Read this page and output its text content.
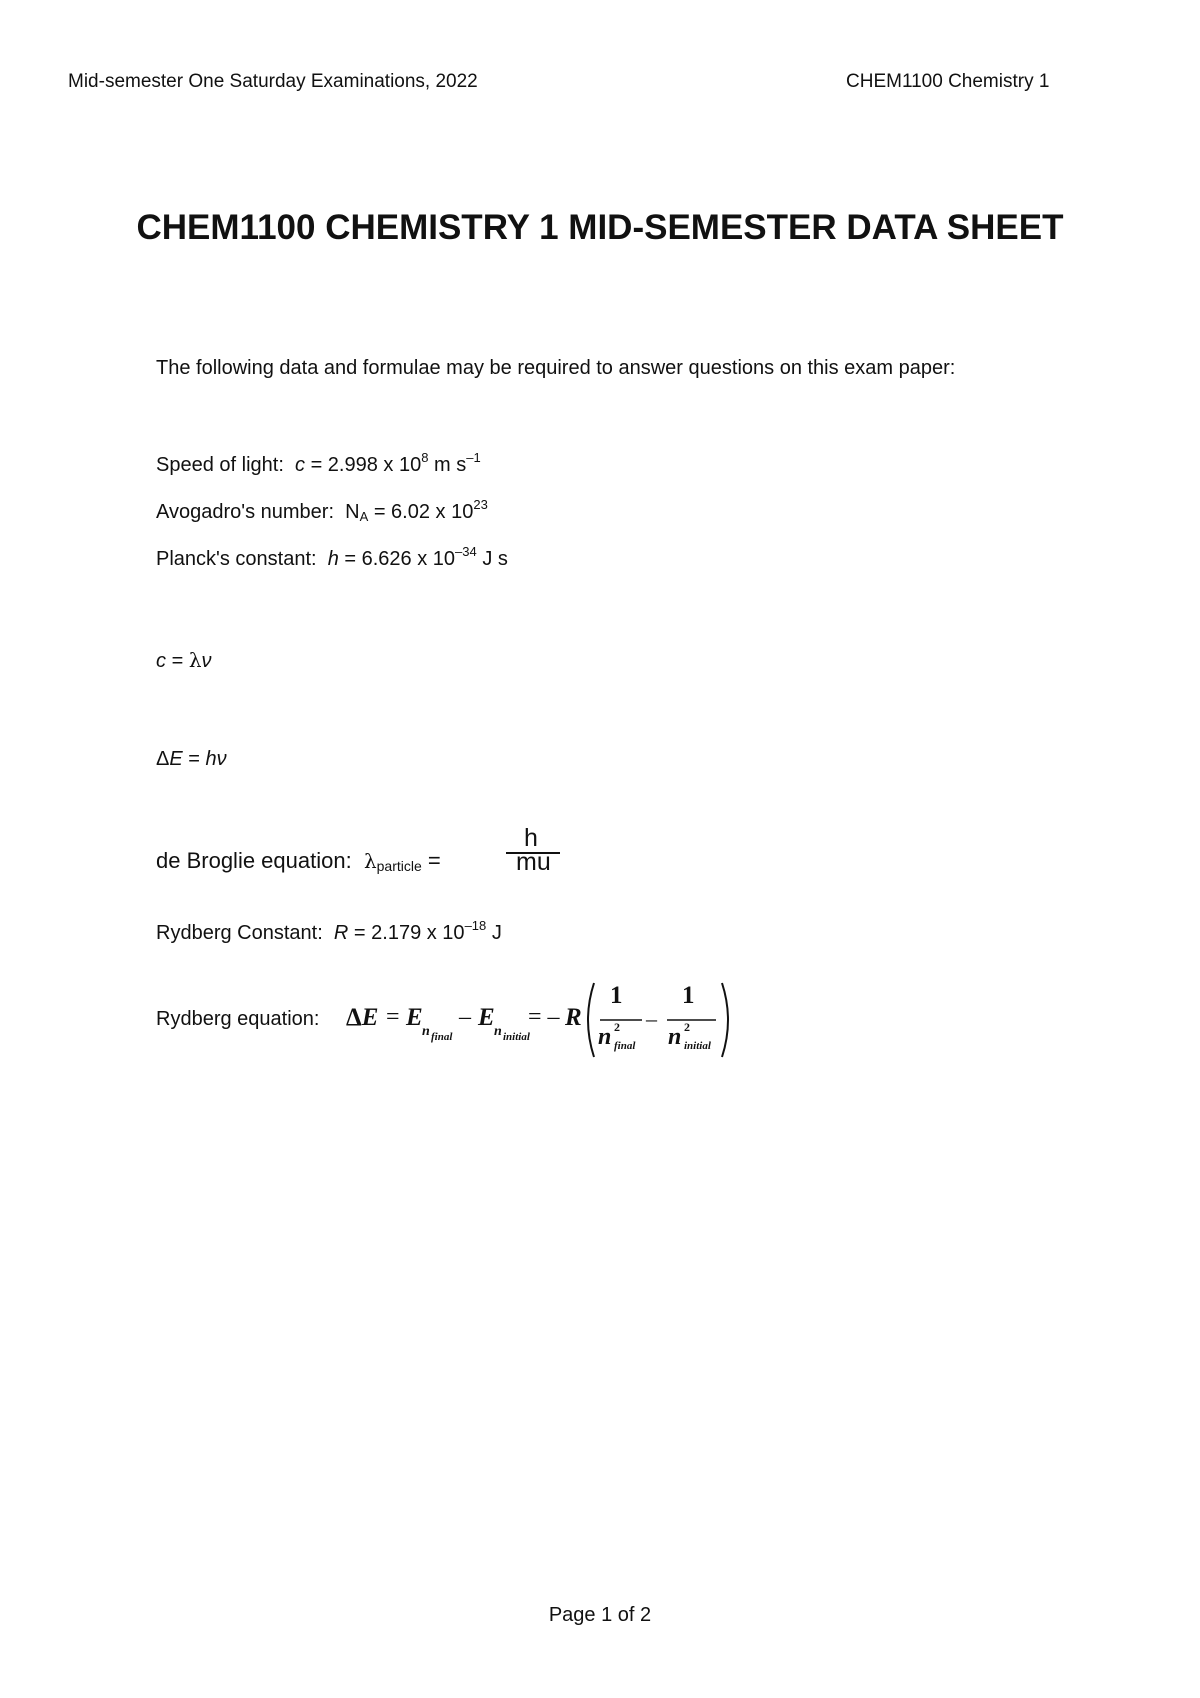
Mid-semester One Saturday Examinations, 2022	CHEM1100 Chemistry 1
CHEM1100 CHEMISTRY 1 MID-SEMESTER DATA SHEET
The following data and formulae may be required to answer questions on this exam paper:
Speed of light: c = 2.998 x $10^8$ m $s^{-1}$
Avogadro's number: $N_A = 6.02$ x $10^{23}$
Planck's constant: h = 6.626 x $10^{-34}$ J s
c = λν
ΔE = hν
de Broglie equation: $\lambda_{particle}$ =
h
mu
Rydberg Constant: R = 2.179 x $10^{-18}$ J
Rydberg equation: ΔE = E
n final
– E
n initial
= – R
1 1
n 2
final
–
n 2
initial
Page 1 of 2
